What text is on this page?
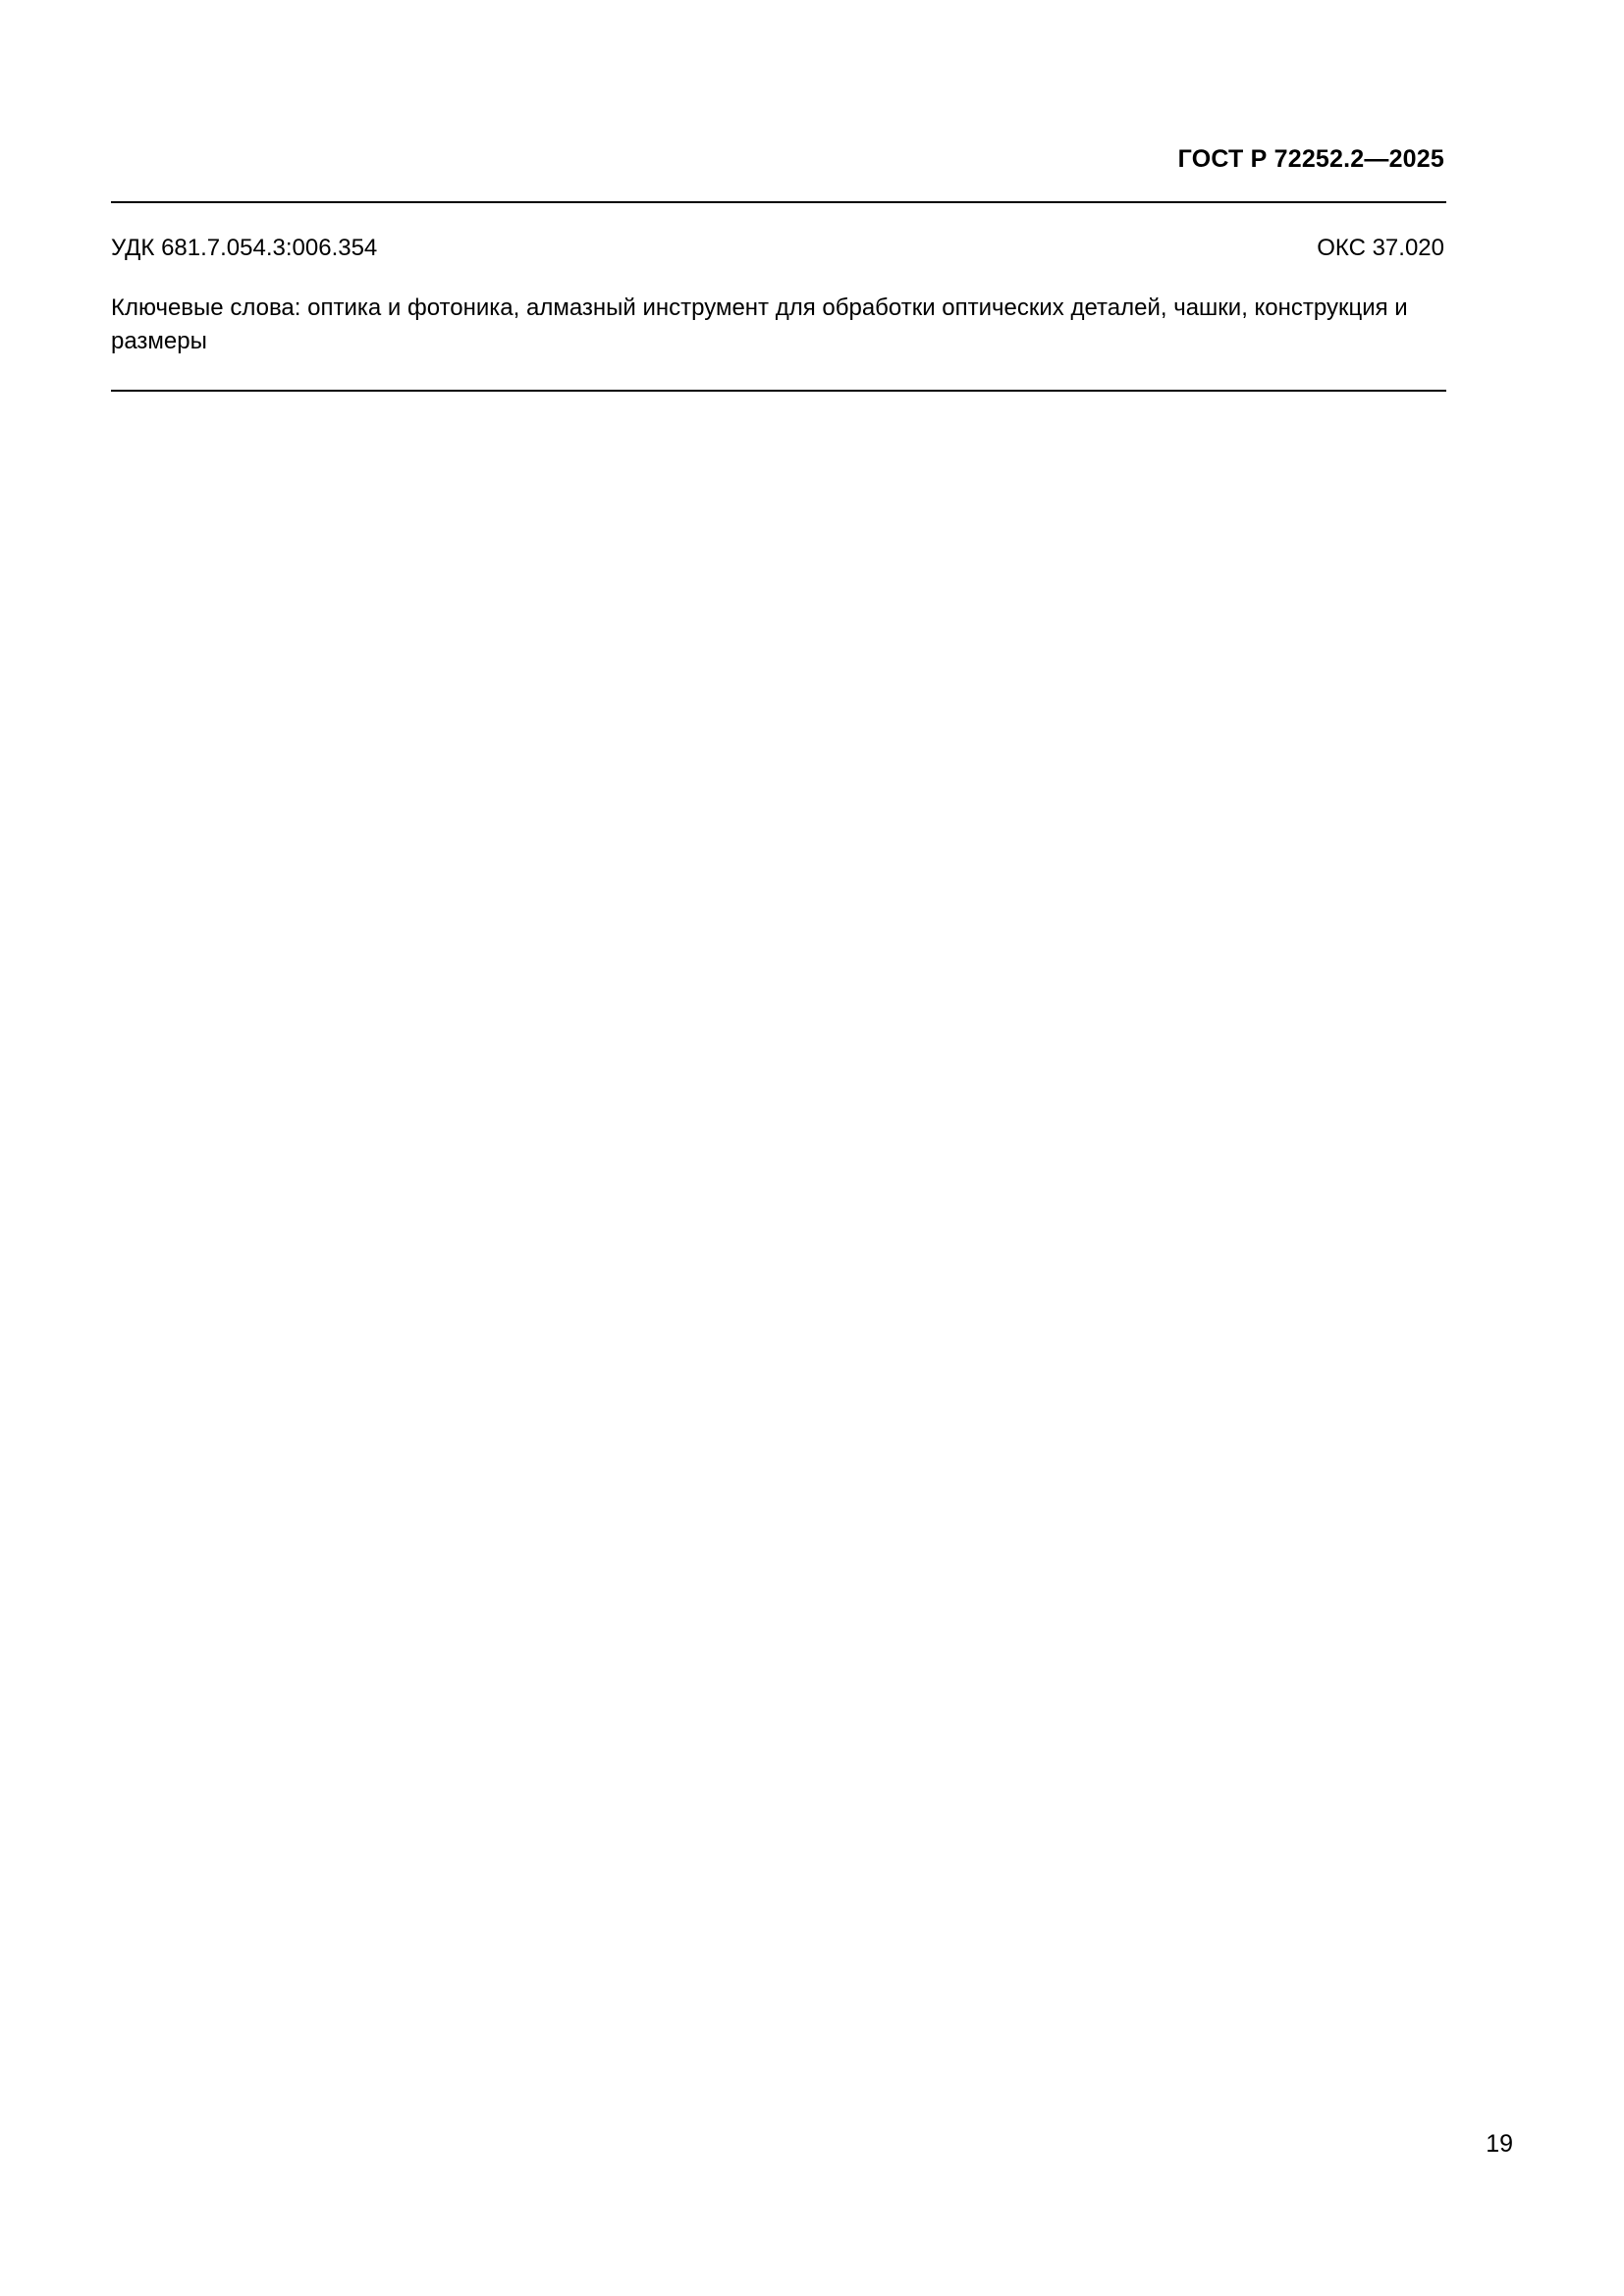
ГОСТ Р 72252.2—2025
УДК 681.7.054.3:006.354	ОКС 37.020
Ключевые слова: оптика и фотоника, алмазный инструмент для обработки оптических деталей, чашки, конструкция и размеры
19
